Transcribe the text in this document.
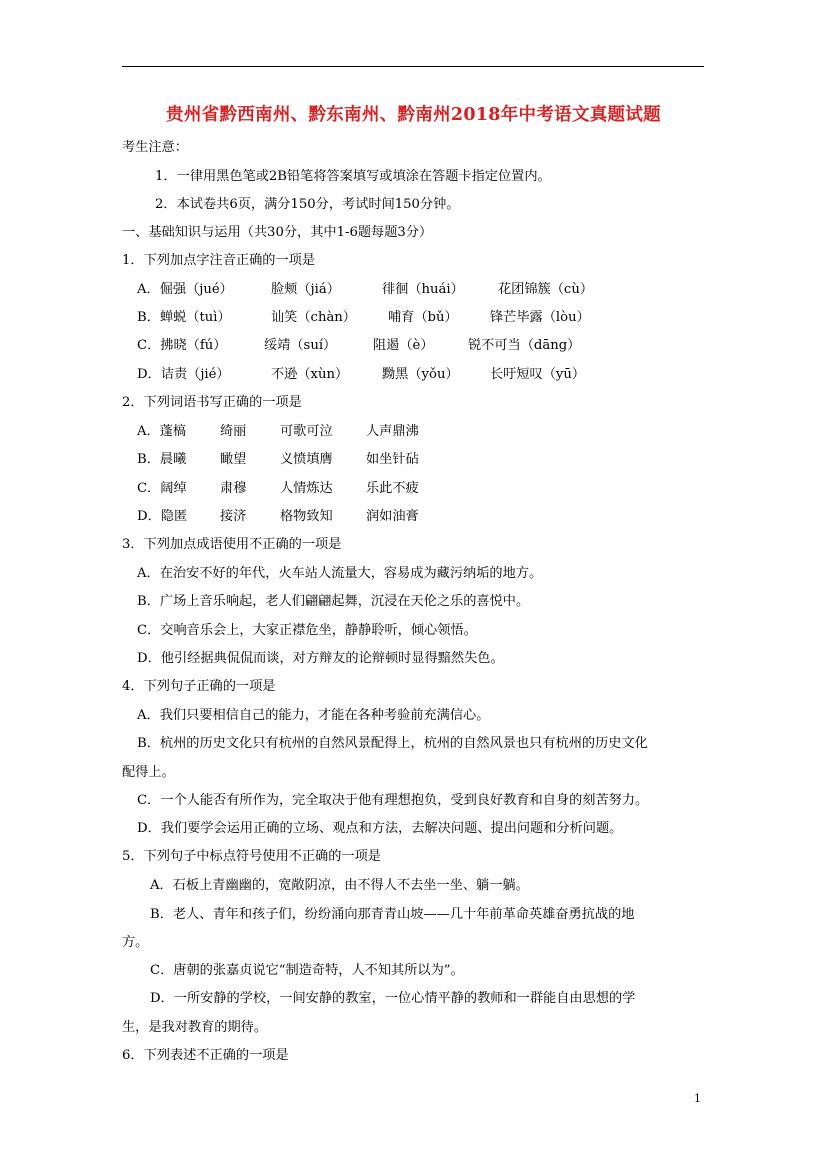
贵州省黔西南州、黔东南州、黔南州2018年中考语文真题试题
考生注意：
1．一律用黑色笔或2B铅笔将答案填写或填涂在答题卡指定位置内。
2．本试卷共6页，满分150分，考试时间150分钟。
一、基础知识与运用（共30分，其中1-6题每题3分）
1．下列加点字注音正确的一项是
A．倔强（jué）	脸颊（jiá）	徘徊（huái）	花团锦簇（cù）
B．蝉蜕（tuì）	讪笑（chàn） 哺育（bǔ） 锋芒毕露（lòu）
C．拂晓（fú）	绥靖（suí）	阻遏（è）	锐不可当（dāng）
D．诘责（jié）	不逊（xùn）	黝黑（yǒu） 长吁短叹（yū）
2．下列词语书写正确的一项是
A．蓬槁	绮丽	可歌可泣	人声鼎沸
B．晨曦	瞰望	义愤填膺	如坐针砧
C．阔绰	肃穆	人情炼达	乐此不疲
D．隐匿 接济	格物致知	润如油膏
3．下列加点成语使用不正确的一项是
A．在治安不好的年代，火车站人流量大，容易成为藏污纳垢的地方。
B．广场上音乐响起，老人们翩翩起舞，沉浸在天伦之乐的喜悦中。
C．交响音乐会上，大家正襟危坐，静静聆听，倾心领悟。
D．他引经据典侃侃而谈，对方辩友的论辩顿时显得黯然失色。
4．下列句子正确的一项是
A．我们只要相信自己的能力，才能在各种考验前充满信心。
B．杭州的历史文化只有杭州的自然风景配得上，杭州的自然风景也只有杭州的历史文化
配得上。
C．一个人能否有所作为，完全取决于他有理想抱负，受到良好教育和自身的刻苦努力。
D．我们要学会运用正确的立场、观点和方法，去解决问题、提出问题和分析问题。
5．下列句子中标点符号使用不正确的一项是
A．石板上青幽幽的，宽敞阴凉，由不得人不去坐一坐、躺一躺。
B．老人、青年和孩子们，纷纷涌向那青青山坡——几十年前革命英雄奋勇抗战的地
方。
C．唐朝的张嘉贞说它“制造奇特，人不知其所以为”。
D．一所安静的学校，一间安静的教室，一位心情平静的教师和一群能自由思想的学
生，是我对教育的期待。
6．下列表述不正确的一项是
1
